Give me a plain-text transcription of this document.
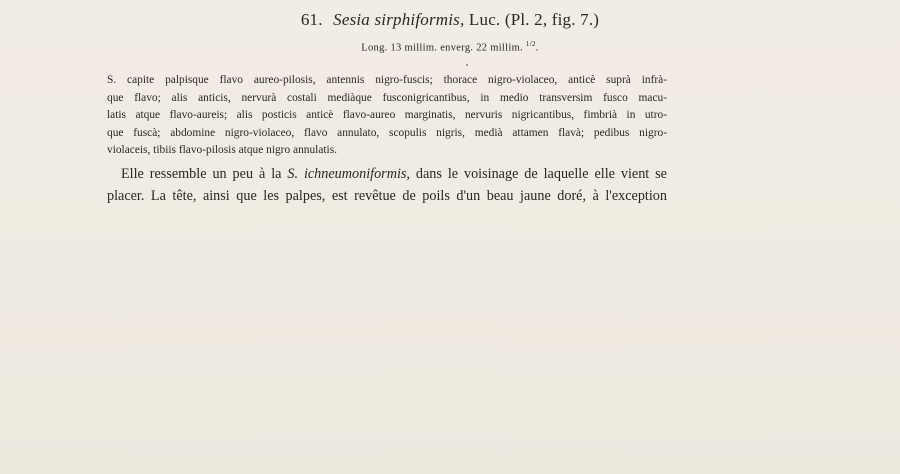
61. Sesia sirphiformis, Luc. (Pl. 2, fig. 7.)
Long. 13 millim. enverg. 22 millim. $^{1/2}$.
S. capite palpisque flavo aureo-pilosis, antennis nigro-fuscis; thorace nigro-violaceo, anticè suprà infrà-
que flavo; alis anticis, nervurà costali mediàque fusconigricantibus, in medio transversim fusco macu-
latis atque flavo-aureis; alis posticis anticè flavo-aureo marginatis, nervuris nigricantibus, fimbrià in utro-
que fuscà; abdomine nigro-violaceo, flavo annulato, scopulis nigris, medià attamen flavà; pedibus nigro-
violaceis, tibiis flavo-pilosis atque nigro annulatis.
Elle ressemble un peu à la S. ichneumoniformis, dans le voisinage de laquelle elle vient se
placer. La tête, ainsi que les palpes, est revêtue de poils d'un beau jaune doré, à l'exception
